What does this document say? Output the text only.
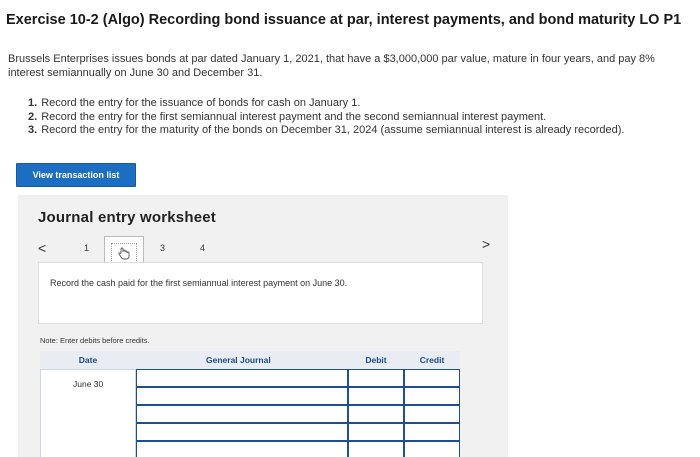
Exercise 10-2 (Algo) Recording bond issuance at par, interest payments, and bond maturity LO P1
Brussels Enterprises issues bonds at par dated January 1, 2021, that have a $3,000,000 par value, mature in four years, and pay 8% interest semiannually on June 30 and December 31.
1. Record the entry for the issuance of bonds for cash on January 1.
2. Record the entry for the first semiannual interest payment and the second semiannual interest payment.
3. Record the entry for the maturity of the bonds on December 31, 2024 (assume semiannual interest is already recorded).
View transaction list
Journal entry worksheet
<	1	3	4	>
Record the cash paid for the first semiannual interest payment on June 30.
Note: Enter debits before credits.
Date	General Journal	Debit	Credit
June 30
